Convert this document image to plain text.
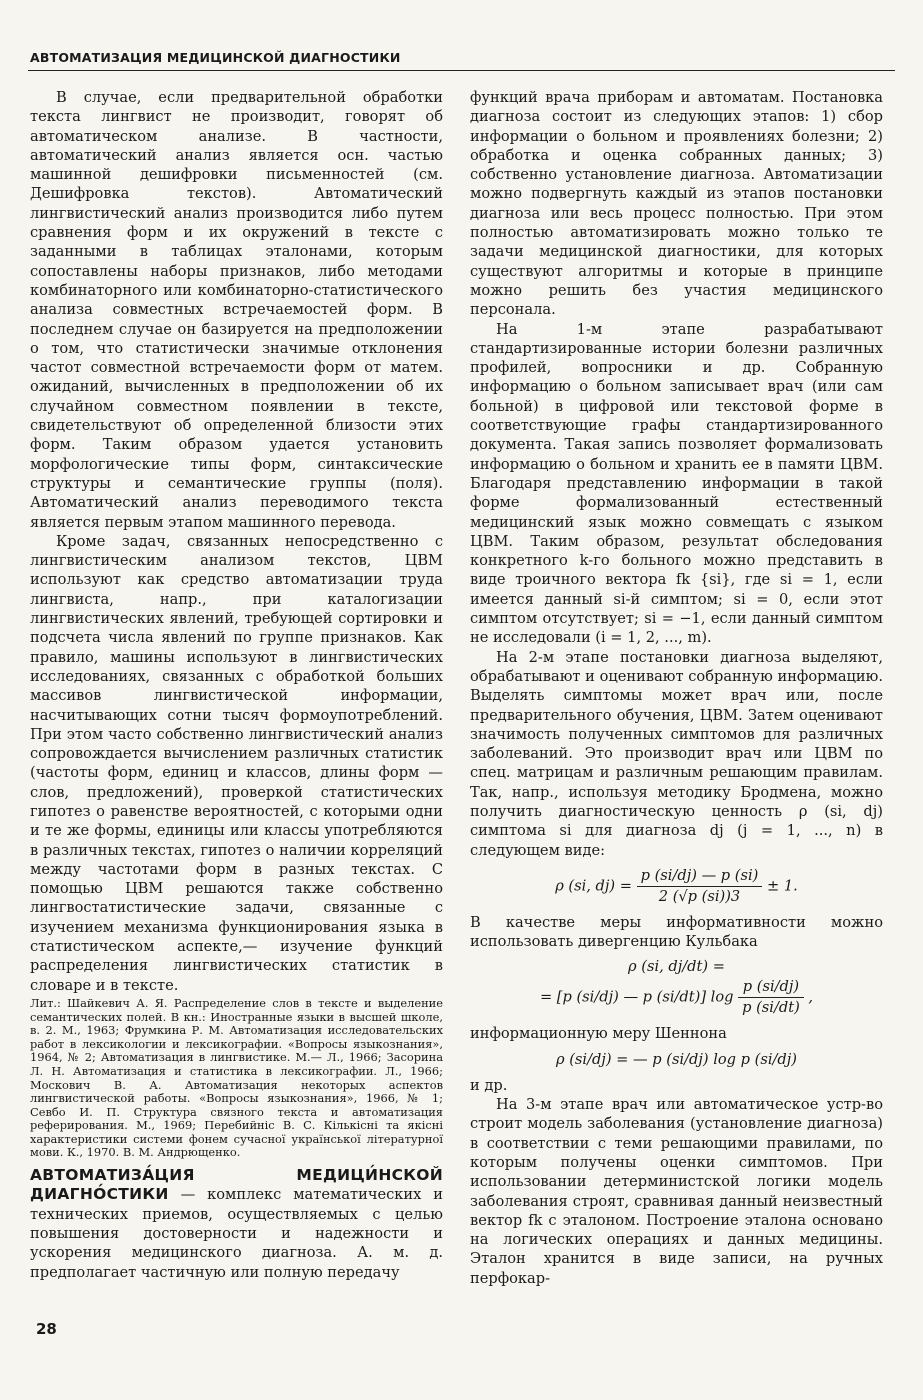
АВТОМАТИЗАЦИЯ МЕДИЦИНСКОЙ ДИАГНОСТИКИ

В случае, если предварительной обработки текста лингвист не производит, говорят об автоматическом анализе. В частности, автоматический анализ является осн. частью машинной дешифровки письменностей (см. Дешифровка текстов). Автоматический лингвистический анализ производится либо путем сравнения форм и их окружений в тексте с заданными в таблицах эталонами, которым сопоставлены наборы признаков, либо методами комбинаторного или комбинаторно-статистического анализа совместных встречаемостей форм. В последнем случае он базируется на предположении о том, что статистически значимые отклонения частот совместной встречаемости форм от матем. ожиданий, вычисленных в предположении об их случайном совместном появлении в тексте, свидетельствуют об определенной близости этих форм. Таким образом удается установить морфологические типы форм, синтаксические структуры и семантические группы (поля). Автоматический анализ переводимого текста является первым этапом машинного перевода.

Кроме задач, связанных непосредственно с лингвистическим анализом текстов, ЦВМ используют как средство автоматизации труда лингвиста, напр., при каталогизации лингвистических явлений, требующей сортировки и подсчета числа явлений по группе признаков. Как правило, машины используют в лингвистических исследованиях, связанных с обработкой больших массивов лингвистической информации, насчитывающих сотни тысяч формоупотреблений. При этом часто собственно лингвистический анализ сопровождается вычислением различных статистик (частоты форм, единиц и классов, длины форм — слов, предложений), проверкой статистических гипотез о равенстве вероятностей, с которыми одни и те же формы, единицы или классы употребляются в различных текстах, гипотез о наличии корреляций между частотами форм в разных текстах. С помощью ЦВМ решаются также собственно лингвостатистические задачи, связанные с изучением механизма функционирования языка в статистическом аспекте,— изучение функций распределения лингвистических статистик в словаре и в тексте.

Лит.: Шайкевич А. Я. Распределение слов в тексте и выделение семантических полей. В кн.: Иностранные языки в высшей школе, в. 2. М., 1963; Фрумкина Р. М. Автоматизация исследовательских работ в лексикологии и лексикографии. «Вопросы языкознания», 1964, № 2; Автоматизация в лингвистике. М.— Л., 1966; Засорина Л. Н. Автоматизация и статистика в лексикографии. Л., 1966; Москович В. А. Автоматизация некоторых аспектов лингвистической работы. «Вопросы языкознания», 1966, № 1; Севбо И. П. Структура связного текста и автоматизация реферирования. М., 1969; Перебийнiс В. С. Кiлькiснi та якiснi характеристики системи фонем сучасної української лiтературної мови. К., 1970. В. М. Андрющенко.

АВТОМАТИЗА́ЦИЯ МЕДИЦИ́НСКОЙ ДИАГНО́СТИКИ — комплекс математических и технических приемов, осуществляемых с целью повышения достоверности и надежности и ускорения медицинского диагноза. А. м. д. предполагает частичную или полную передачу

функций врача приборам и автоматам. Постановка диагноза состоит из следующих этапов: 1) сбор информации о больном и проявлениях болезни; 2) обработка и оценка собранных данных; 3) собственно установление диагноза. Автоматизации можно подвергнуть каждый из этапов постановки диагноза или весь процесс полностью. При этом полностью автоматизировать можно только те задачи медицинской диагностики, для которых существуют алгоритмы и которые в принципе можно решить без участия медицинского персонала.

На 1-м этапе разрабатывают стандартизированные истории болезни различных профилей, вопросники и др. Собранную информацию о больном записывает врач (или сам больной) в цифровой или текстовой форме в соответствующие графы стандартизированного документа. Такая запись позволяет формализовать информацию о больном и хранить ее в памяти ЦВМ. Благодаря представлению информации в такой форме формализованный естественный медицинский язык можно совмещать с языком ЦВМ. Таким образом, результат обследования конкретного k-го больного можно представить в виде троичного вектора fk {si}, где si = 1, если имеется данный si-й симптом; si = 0, если этот симптом отсутствует; si = −1, если данный симптом не исследовали (i = 1, 2, ..., m).

На 2-м этапе постановки диагноза выделяют, обрабатывают и оценивают собранную информацию. Выделять симптомы может врач или, после предварительного обучения, ЦВМ. Затем оценивают значимость полученных симптомов для различных заболеваний. Это производит врач или ЦВМ по спец. матрицам и различным решающим правилам. Так, напр., используя методику Бродмена, можно получить диагностическую ценность ρ (si, dj) симптома si для диагноза dj (j = 1, ..., n) в следующем виде:

ρ (si, $dj) = \frac{p (si/dj) — p (si)}{2 (√p (si))3} \pm 1$.

В качестве меры информативности можно использовать дивергенцию Кульбака

ρ (si, dj/dt) =
= [p (si/dj) — p (si/dt)] $\log \frac{p (si/dj)}{p (si/dt)}$ ,

информационную меру Шеннона

ρ (si/dj) = — p (si/dj) log p (si/dj)

и др.

На 3-м этапе врач или автоматическое устр-во строит модель заболевания (установление диагноза) в соответствии с теми решающими правилами, по которым получены оценки симптомов. При использовании детерминистской логики модель заболевания строят, сравнивая данный неизвестный вектор fk с эталоном. Построение эталона основано на логических операциях и данных медицины. Эталон хранится в виде записи, на ручных перфокар-

28
